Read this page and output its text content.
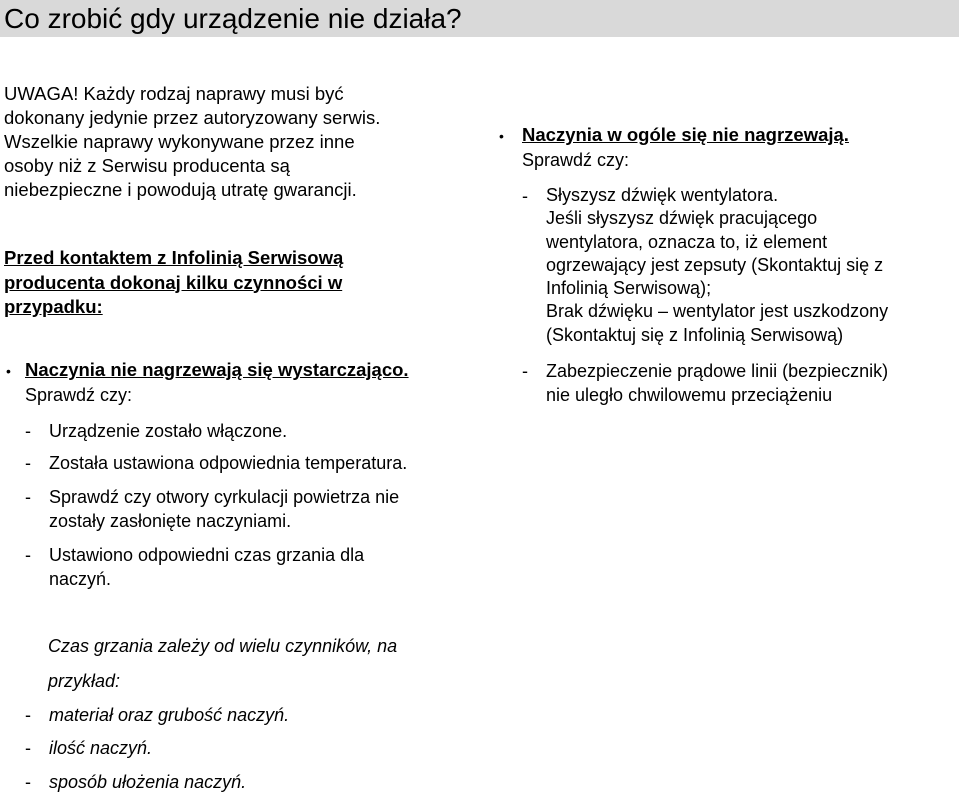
Co zrobić gdy urządzenie nie działa?
UWAGA! Każdy rodzaj naprawy musi być
dokonany jedynie przez autoryzowany serwis.
Wszelkie naprawy wykonywane przez inne
osoby niż z Serwisu producenta są
niebezpieczne i powodują utratę gwarancji.
Przed kontaktem z Infolinią Serwisową
producenta dokonaj kilku czynności w
przypadku:
• Naczynia nie nagrzewają się wystarczająco.
Sprawdź czy:
- Urządzenie zostało włączone.
- Została ustawiona odpowiednia temperatura.
- Sprawdź czy otwory cyrkulacji powietrza nie
zostały zasłonięte naczyniami.
- Ustawiono odpowiedni czas grzania dla
naczyń.
• Naczynia w ogóle się nie nagrzewają.
Sprawdź czy:
- Słyszysz dźwięk wentylatora.
Jeśli słyszysz dźwięk pracującego
wentylatora, oznacza to, iż element
ogrzewający jest zepsuty (Skontaktuj się z
Infolinią Serwisową);
Brak dźwięku – wentylator jest uszkodzony
(Skontaktuj się z Infolinią Serwisową)
- Zabezpieczenie prądowe linii (bezpiecznik)
nie uległo chwilowemu przeciążeniu
Czas grzania zależy od wielu czynników, na
przykład:
- materiał oraz grubość naczyń.
- ilość naczyń.
- sposób ułożenia naczyń.
